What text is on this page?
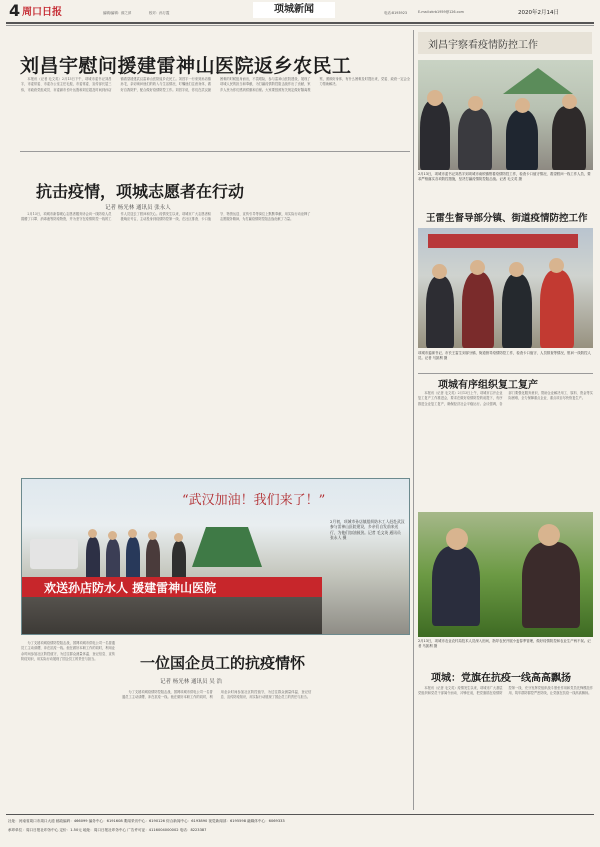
4 周口日报	编辑/编辑：薛之萍	校对：孙万霞	项城新闻	电话:8193923	E-mail:zkrb1959@126.com	2020年2月14日
刘昌宇慰问援建雷神山医院返乡农民工

本报讯（记者 毛文英）2月13日下午，项城市委书记刘昌宇，市委常委、市委办公室主任毛振，市委常委、宣传部长屈三伟，市政府党组成员、市委副市长叶运胜和刘宏超及时间到孙店镇看望援建武汉雷神山医院返乡农民工。刘昌宇一行来到孙店镇孙宅，亲切询问他们的收入与生活情况，叮嘱他们注意身体，做好自我防护，配合做好疫情防控工作。刘昌宇说，你们在武汉最困难的时候挺身而出，不畏艰险，参与雷神山医院建设，展现了项城人民的担当和奉献，为打赢疫情防控阻击战作出了贡献，家乡人民为你们感到骄傲和自豪。大家要按照有关规定做好隔离观察，照顾好身体，有什么困难及时提出来，党委、政府一定会全力帮助解决。

刘昌宇察看疫情防控工作
2月13日，项城市委书记刘昌宇到项城市南顿镇察看疫情防控工作，检查卡口值守情况，看望慰问一线工作人员，要求严格落实各项防控措施，坚决打赢疫情防控阻击战。记者 毛文英 摄
王雷生督导部分镇、街道疫情防控工作
项城市委副书记、市长王雷生到部分镇、街道督导疫情防控工作，检查卡口值守、人员排查等情况，慰问一线防控人员。记者 马凯利 摄
抗击疫情，项城志愿者在行动
记者 杨光林 通讯员 张永人

2月13日，项城市新春暖心志愿者服务协会向一线防疫人员捐赠了口罩、消毒液等防疫物资，并为坚守在疫情防控一线的工作人员送去了慰问和关心。疫情发生以来，项城市广大志愿者积极响应号召，主动投身到疫情防控第一线，在社区排查、卡口值守、物资运送、宣传引导等岗位上默默奉献，用实际行动诠释了志愿服务精神，为打赢疫情防控阻击战贡献了力量。

项城有序组织复工复产

本报讯（记者 毛文英）2月13日上午，项城市召开企业复工复产工作推进会，要求在做好疫情防控的前提下，有序推进企业复工复产，确保经济社会平稳运行。会议强调，各部门要强化服务意识，帮助企业解决用工、原料、资金等实际困难，全力保障重点企业、重点项目尽快恢复生产。

“武汉加油！我们来了！”
欢送孙店防水人 援建雷神山医院
2月初，项城市孙店镇组织防水工人赶赴武汉参与雷神山医院建设，乡亲们自发前来送行，为他们加油鼓劲。记者 毛文英 通讯员 张永人 摄
2月13日，项城市农业农村局技术人员深入田间，指导农民开展小麦春季管理，做好疫情防控和农业生产两不误。记者 马凯利 摄

为了支援项城疫情防控阻击战，国网项城市供电公司一名普通员工主动请缨，冲在抗疫一线。他在做好本职工作的同时，利用业余时间参加社区防控值守，为过往群众测量体温、登记信息、宣传防疫知识，用实际行动展现了国企员工的责任与担当。	一位国企员工的抗疫情怀
记者 杨光林 通讯员 吴 浩

为了支援项城疫情防控阻击战，国网项城市供电公司一名普通员工主动请缨，冲在抗疫一线。他在做好本职工作的同时，利用业余时间参加社区防控值守，为过往群众测量体温、登记信息、宣传防疫知识，用实际行动展现了国企员工的责任与担当。

项城：党旗在抗疫一线高高飘扬

本报讯（记者 毛文英）疫情发生以来，项城市广大基层党组织和党员干部闻令而动、冲锋在前，把党旗插在疫情防控第一线，充分发挥党组织战斗堡垒作用和党员先锋模范作用，筑牢群防群控严密防线，让党旗在抗疫一线高高飘扬。

社址：河南省周口市周口大道 邮政编码：466099 编务中心：6191608 要闻采访中心：6190126 综合新闻中心：6193890 视觉新闻部：6195598 融媒体中心：6069333
承印单位：周口日报社印务中心 定价：1.50元 地址：周口日报社印务中心 广告许可证：4116004000002 电话：8223387
